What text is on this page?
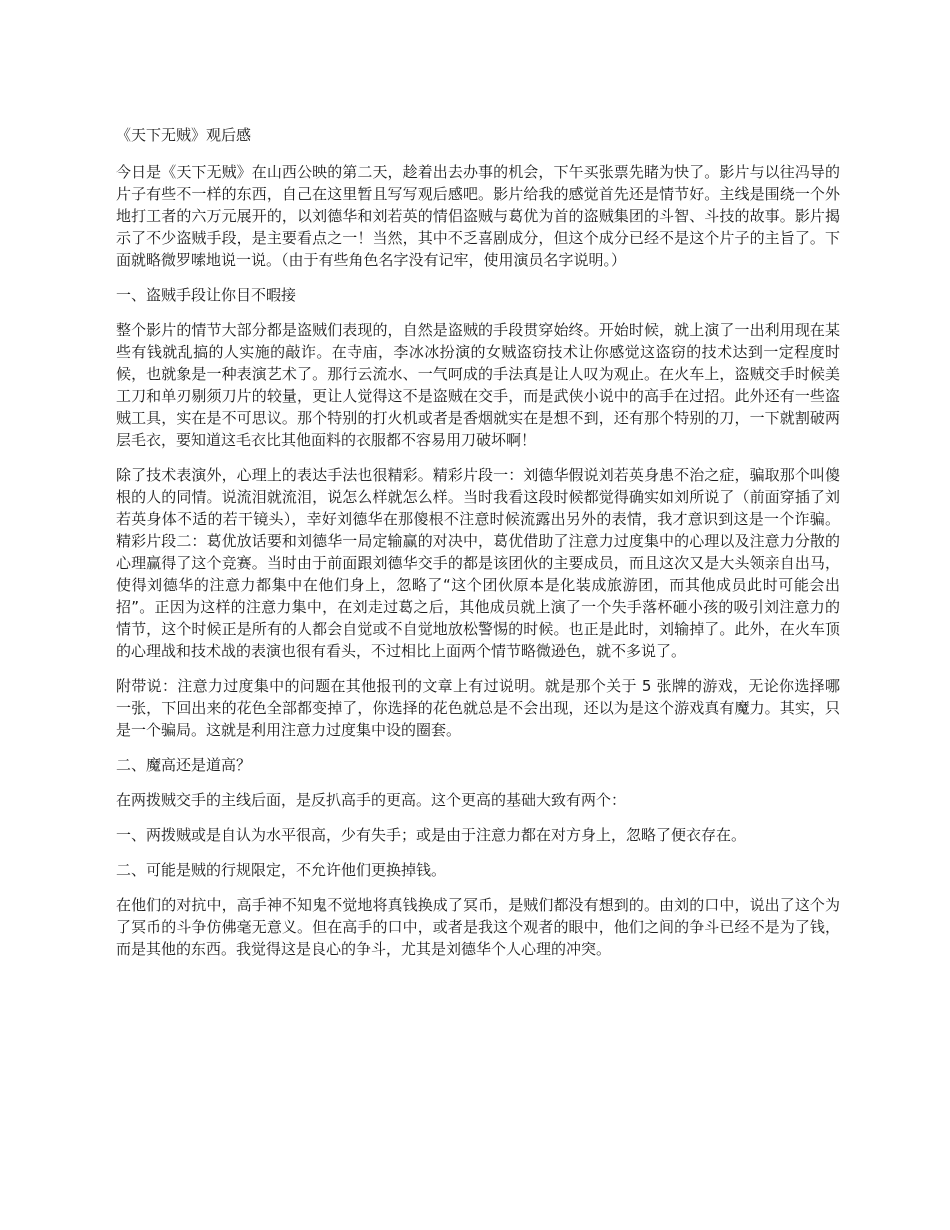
《天下无贼》观后感

今日是《天下无贼》在山西公映的第二天，趁着出去办事的机会，下午买张票先睹为快了。影片与以往冯导的片子有些不一样的东西，自己在这里暂且写写观后感吧。影片给我的感觉首先还是情节好。主线是围绕一个外地打工者的六万元展开的，以刘德华和刘若英的情侣盗贼与葛优为首的盗贼集团的斗智、斗技的故事。影片揭示了不少盗贼手段，是主要看点之一！当然，其中不乏喜剧成分，但这个成分已经不是这个片子的主旨了。下面就略微罗嗦地说一说。（由于有些角色名字没有记牢，使用演员名字说明。）

一、盗贼手段让你目不暇接

整个影片的情节大部分都是盗贼们表现的，自然是盗贼的手段贯穿始终。开始时候，就上演了一出利用现在某些有钱就乱搞的人实施的敲诈。在寺庙，李冰冰扮演的女贼盗窃技术让你感觉这盗窃的技术达到一定程度时候，也就象是一种表演艺术了。那行云流水、一气呵成的手法真是让人叹为观止。在火车上，盗贼交手时候美工刀和单刃剔须刀片的较量，更让人觉得这不是盗贼在交手，而是武侠小说中的高手在过招。此外还有一些盗贼工具，实在是不可思议。那个特别的打火机或者是香烟就实在是想不到，还有那个特别的刀，一下就割破两层毛衣，要知道这毛衣比其他面料的衣服都不容易用刀破坏啊！

除了技术表演外，心理上的表达手法也很精彩。精彩片段一：刘德华假说刘若英身患不治之症，骗取那个叫傻根的人的同情。说流泪就流泪，说怎么样就怎么样。当时我看这段时候都觉得确实如刘所说了（前面穿插了刘若英身体不适的若干镜头），幸好刘德华在那傻根不注意时候流露出另外的表情，我才意识到这是一个诈骗。精彩片段二：葛优放话要和刘德华一局定输赢的对决中，葛优借助了注意力过度集中的心理以及注意力分散的心理赢得了这个竞赛。当时由于前面跟刘德华交手的都是该团伙的主要成员，而且这次又是大头领亲自出马，使得刘德华的注意力都集中在他们身上，忽略了“这个团伙原本是化装成旅游团，而其他成员此时可能会出招”。正因为这样的注意力集中，在刘走过葛之后，其他成员就上演了一个失手落杯砸小孩的吸引刘注意力的情节，这个时候正是所有的人都会自觉或不自觉地放松警惕的时候。也正是此时，刘输掉了。此外，在火车顶的心理战和技术战的表演也很有看头，不过相比上面两个情节略微逊色，就不多说了。

附带说：注意力过度集中的问题在其他报刊的文章上有过说明。就是那个关于 5 张牌的游戏，无论你选择哪一张，下回出来的花色全部都变掉了，你选择的花色就总是不会出现，还以为是这个游戏真有魔力。其实，只是一个骗局。这就是利用注意力过度集中设的圈套。

二、魔高还是道高？

在两拨贼交手的主线后面，是反扒高手的更高。这个更高的基础大致有两个：

一、两拨贼或是自认为水平很高，少有失手；或是由于注意力都在对方身上，忽略了便衣存在。

二、可能是贼的行规限定，不允许他们更换掉钱。

在他们的对抗中，高手神不知鬼不觉地将真钱换成了冥币，是贼们都没有想到的。由刘的口中，说出了这个为了冥币的斗争仿佛毫无意义。但在高手的口中，或者是我这个观者的眼中，他们之间的争斗已经不是为了钱，而是其他的东西。我觉得这是良心的争斗，尤其是刘德华个人心理的冲突。
